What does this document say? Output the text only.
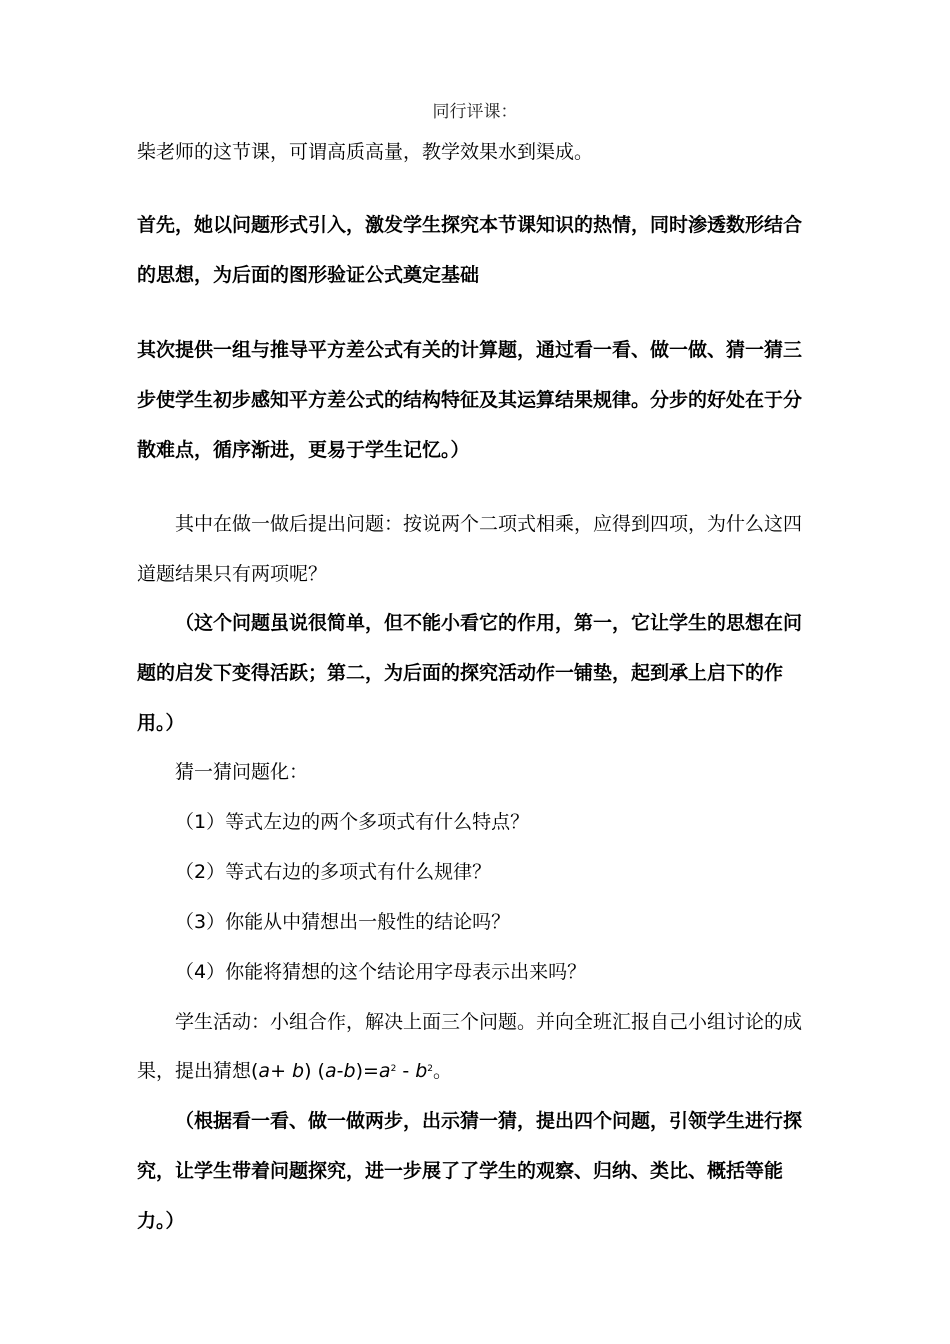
同行评课：
柴老师的这节课，可谓高质高量，教学效果水到渠成。
首先，她以问题形式引入，激发学生探究本节课知识的热情，同时渗透数形结合
的思想，为后面的图形验证公式奠定基础
其次提供一组与推导平方差公式有关的计算题，通过看一看、做一做、猜一猜三
步使学生初步感知平方差公式的结构特征及其运算结果规律。分步的好处在于分
散难点，循序渐进，更易于学生记忆。）
其中在做一做后提出问题：按说两个二项式相乘，应得到四项，为什么这四
道题结果只有两项呢？
（这个问题虽说很简单，但不能小看它的作用，第一，它让学生的思想在问
题的启发下变得活跃；第二，为后面的探究活动作一铺垫，起到承上启下的作
用。）
猜一猜问题化：
（1）等式左边的两个多项式有什么特点？
（2）等式右边的多项式有什么规律？
（3）你能从中猜想出一般性的结论吗？
（4）你能将猜想的这个结论用字母表示出来吗？
学生活动：小组合作，解决上面三个问题。并向全班汇报自己小组讨论的成
果，提出猜想(a+ b) $(a-b)=a^2 - b^2$。
（根据看一看、做一做两步，出示猜一猜，提出四个问题，引领学生进行探
究，让学生带着问题探究，进一步展了了学生的观察、归纳、类比、概括等能
力。）
